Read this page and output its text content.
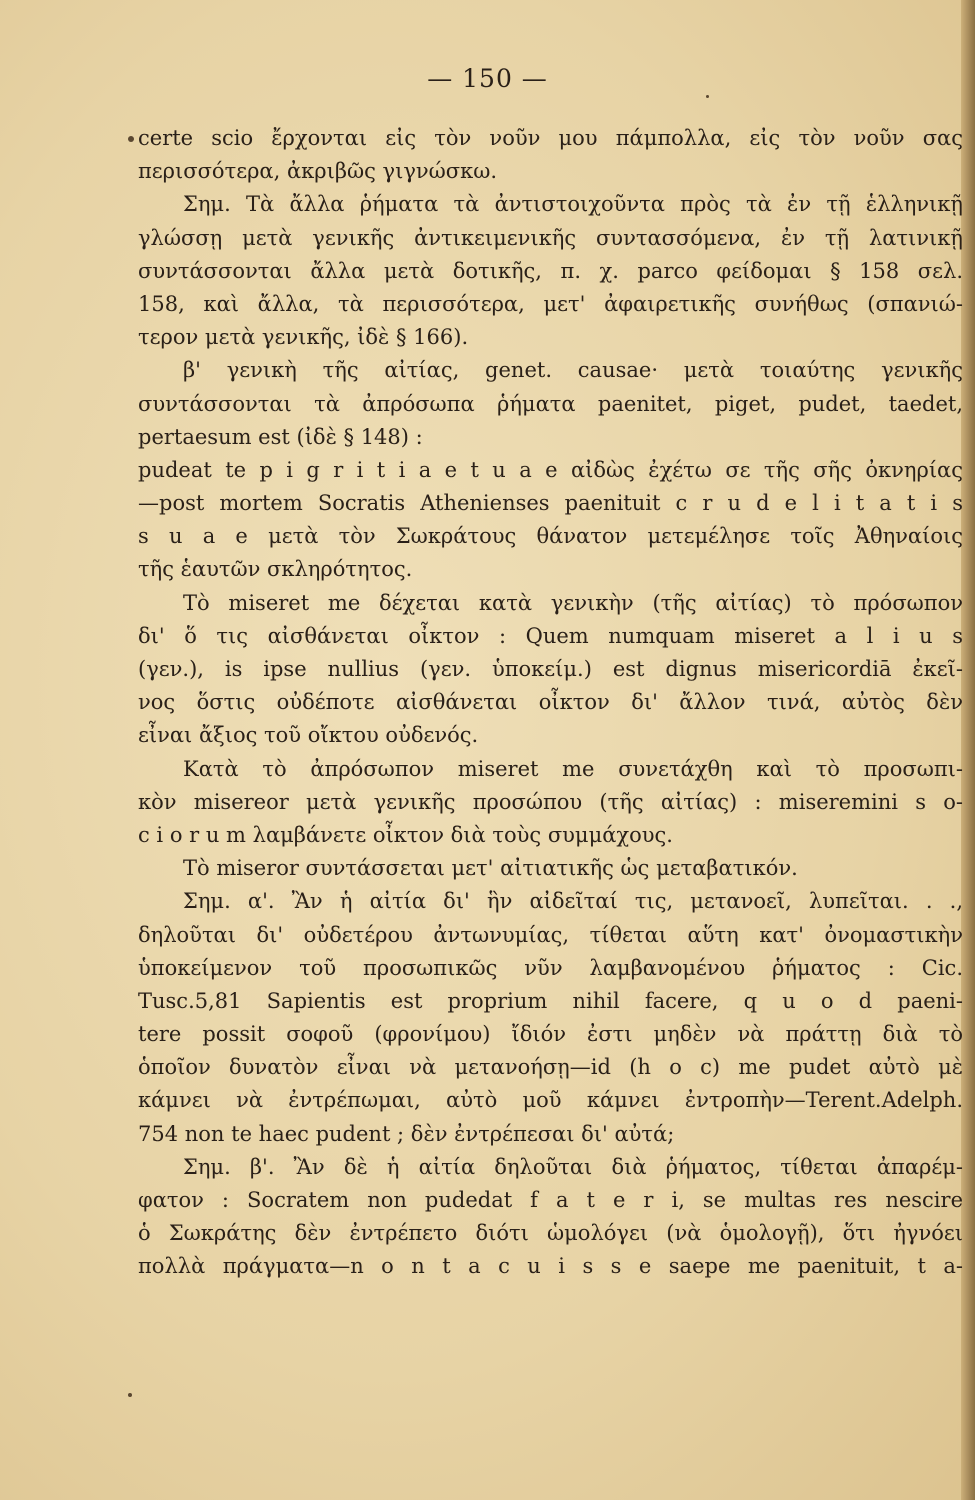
— 150 —
certe scio ἔρχονται εἰς τὸν νοῦν μου πάμπολλα, εἰς τὸν νοῦν σας
περισσότερα, ἀκριβῶς γιγνώσκω.
Σημ. Τὰ ἄλλα ῥήματα τὰ ἀντιστοιχοῦντα πρὸς τὰ ἐν τῇ ἑλληνικῇ
γλώσσῃ μετὰ γενικῆς ἀντικειμενικῆς συντασσόμενα, ἐν τῇ λατινικῇ
συντάσσονται ἄλλα μετὰ δοτικῆς, π. χ. parco φείδομαι § 158 σελ.
158, καὶ ἄλλα, τὰ περισσότερα, μετ' ἀφαιρετικῆς συνήθως (σπανιώ-
τερον μετὰ γενικῆς, ἰδὲ § 166).
β' γενικὴ τῆς αἰτίας, genet. causae· μετὰ τοιαύτης γενικῆς
συντάσσονται τὰ ἀπρόσωπα ῥήματα paenitet, piget, pudet, taedet,
pertaesum est (ἰδὲ § 148) :
pudeat te p i g r i t i a e t u a e αἰδὼς ἐχέτω σε τῆς σῆς ὀκνηρίας
—post mortem Socratis Athenienses paenituit c r u d e l i t a t i s
s u a e μετὰ τὸν Σωκράτους θάνατον μετεμέλησε τοῖς Ἀθηναίοις
τῆς ἑαυτῶν σκληρότητος.
Τὸ miseret me δέχεται κατὰ γενικὴν (τῆς αἰτίας) τὸ πρόσωπον
δι' ὅ τις αἰσθάνεται οἶκτον : Quem numquam miseret a l i u s
(γεν.), is ipse nullius (γεν. ὑποκείμ.) est dignus misericordiā ἐκεῖ-
νος ὅστις οὐδέποτε αἰσθάνεται οἶκτον δι' ἄλλον τινά, αὐτὸς δὲν
εἶναι ἄξιος τοῦ οἴκτου οὐδενός.
Κατὰ τὸ ἀπρόσωπον miseret me συνετάχθη καὶ τὸ προσωπι-
κὸν misereor μετὰ γενικῆς προσώπου (τῆς αἰτίας) : miseremini s o-
c i o r u m λαμβάνετε οἶκτον διὰ τοὺς συμμάχους.
Τὸ miseror συντάσσεται μετ' αἰτιατικῆς ὡς μεταβατικόν.
Σημ. α'. Ἂν ἡ αἰτία δι' ἣν αἰδεῖταί τις, μετανοεῖ, λυπεῖται. . .,
δηλοῦται δι' οὐδετέρου ἀντωνυμίας, τίθεται αὕτη κατ' ὀνομαστικὴν
ὑποκείμενον τοῦ προσωπικῶς νῦν λαμβανομένου ῥήματος : Cic.
Tusc.5,81 Sapientis est proprium nihil facere, q u o d paeni-
tere possit σοφοῦ (φρονίμου) ἴδιόν ἐστι μηδὲν νὰ πράττῃ διὰ τὸ
ὁποῖον δυνατὸν εἶναι νὰ μετανοήσῃ—id (h o c) me pudet αὐτὸ μὲ
κάμνει νὰ ἐντρέπωμαι, αὐτὸ μοῦ κάμνει ἐντροπὴν—Terent.Adelph.
754 non te haec pudent ; δὲν ἐντρέπεσαι δι' αὐτά;
Σημ. β'. Ἂν δὲ ἡ αἰτία δηλοῦται διὰ ῥήματος, τίθεται ἀπαρέμ-
φατον : Socratem non pudedat f a t e r i, se multas res nescire
ὁ Σωκράτης δὲν ἐντρέπετο διότι ὡμολόγει (νὰ ὁμολογῇ), ὅτι ἠγνόει
πολλὰ πράγματα—n o n t a c u i s s e saepe me paenituit, t a-
